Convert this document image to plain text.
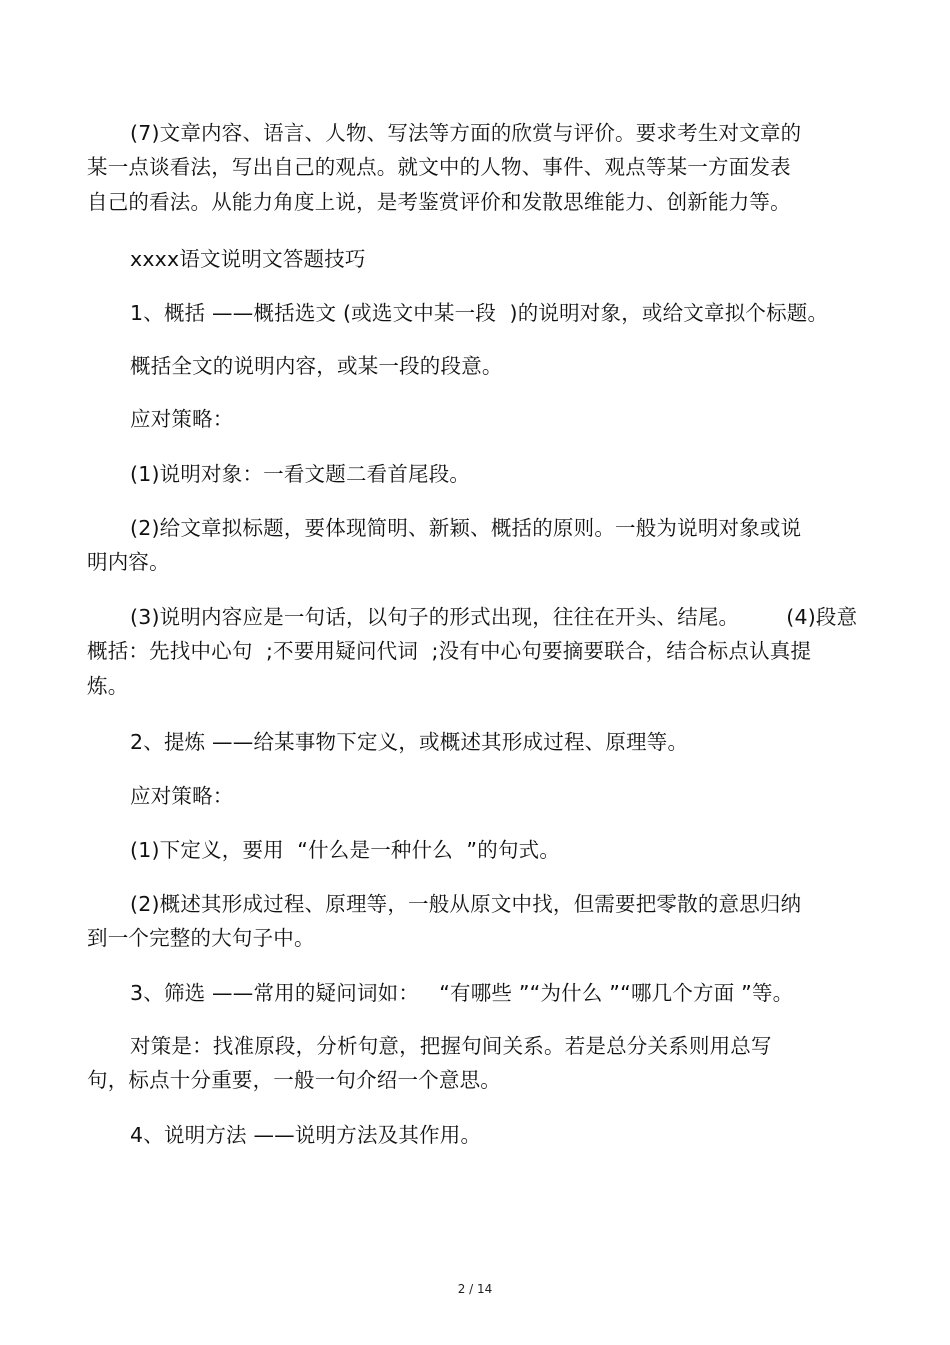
(7)文章内容、语言、人物、写法等方面的欣赏与评价。要求考生对文章的
某一点谈看法，写出自己的观点。就文中的人物、事件、观点等某一方面发表
自己的看法。从能力角度上说，是考鉴赏评价和发散思维能力、创新能力等。
xxxx语文说明文答题技巧
1、概括 ——概括选文 (或选文中某一段  )的说明对象，或给文章拟个标题。
概括全文的说明内容，或某一段的段意。
应对策略：
(1)说明对象：一看文题二看首尾段。
(2)给文章拟标题，要体现简明、新颖、概括的原则。一般为说明对象或说
明内容。
(3)说明内容应是一句话，以句子的形式出现，往往在开头、结尾。       (4)段意
概括：先找中心句  ;不要用疑问代词  ;没有中心句要摘要联合，结合标点认真提
炼。
2、提炼 ——给某事物下定义，或概述其形成过程、原理等。
应对策略：
(1)下定义，要用  “什么是一种什么  ”的句式。
(2)概述其形成过程、原理等，一般从原文中找，但需要把零散的意思归纳
到一个完整的大句子中。
3、筛选 ——常用的疑问词如：   “有哪些 ”“为什么 ”“哪几个方面 ”等。
对策是：找准原段，分析句意，把握句间关系。若是总分关系则用总写
句，标点十分重要，一般一句介绍一个意思。
4、说明方法 ——说明方法及其作用。
2 / 14
